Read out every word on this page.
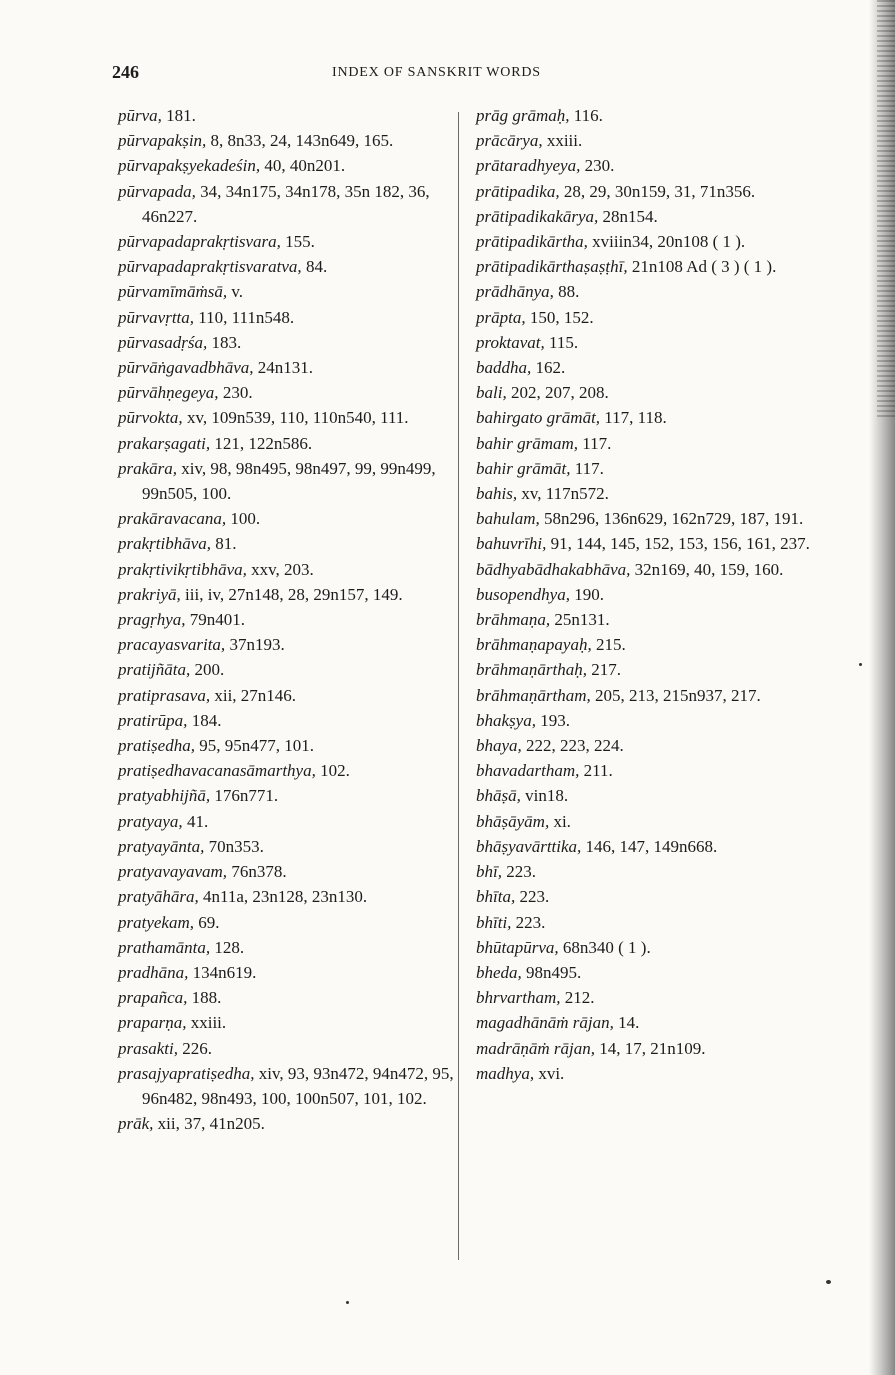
246	INDEX OF SANSKRIT WORDS
pūrva, 181.
pūrvapakṣin, 8, 8n33, 24, 143n649, 165.
pūrvapakṣyekadeśin, 40, 40n201.
pūrvapada, 34, 34n175, 34n178, 35n 182, 36, 46n227.
pūrvapadaprakṛtisvara, 155.
pūrvapadaprakṛtisvaratva, 84.
pūrvamīmāṁsā, v.
pūrvavṛtta, 110, 111n548.
pūrvasadṛśa, 183.
pūrvāṅgavadbhāva, 24n131.
pūrvāhṇegeya, 230.
pūrvokta, xv, 109n539, 110, 110n540, 111.
prakarṣagati, 121, 122n586.
prakāra, xiv, 98, 98n495, 98n497, 99, 99n499, 99n505, 100.
prakāravacana, 100.
prakṛtibhāva, 81.
prakṛtivikṛtibhāva, xxv, 203.
prakriyā, iii, iv, 27n148, 28, 29n157, 149.
pragṛhya, 79n401.
pracayasvarita, 37n193.
pratijñāta, 200.
pratiprasava, xii, 27n146.
pratirūpa, 184.
pratiṣedha, 95, 95n477, 101.
pratiṣedhavacanasāmarthya, 102.
pratyabhijñā, 176n771.
pratyaya, 41.
pratyayānta, 70n353.
pratyavayavam, 76n378.
pratyāhāra, 4n11a, 23n128, 23n130.
pratyekam, 69.
prathamānta, 128.
pradhāna, 134n619.
prapañca, 188.
praparṇa, xxiii.
prasakti, 226.
prasajyapratiṣedha, xiv, 93, 93n472, 94n472, 95, 96n482, 98n493, 100, 100n507, 101, 102.
prāk, xii, 37, 41n205.
prāg grāmaḥ, 116.
prācārya, xxiii.
prātaradhyeya, 230.
prātipadika, 28, 29, 30n159, 31, 71n356.
prātipadikakārya, 28n154.
prātipadikārtha, xviiin34, 20n108 ( 1 ).
prātipadikārthaṣaṣṭhī, 21n108 Ad ( 3 ) ( 1 ).
prādhānya, 88.
prāpta, 150, 152.
proktavat, 115.
baddha, 162.
bali, 202, 207, 208.
bahirgato grāmāt, 117, 118.
bahir grāmam, 117.
bahir grāmāt, 117.
bahis, xv, 117n572.
bahulam, 58n296, 136n629, 162n729, 187, 191.
bahuvrīhi, 91, 144, 145, 152, 153, 156, 161, 237.
bādhyabādhakabhāva, 32n169, 40, 159, 160.
busopendhya, 190.
brāhmaṇa, 25n131.
brāhmaṇapayaḥ, 215.
brāhmaṇārthaḥ, 217.
brāhmaṇārtham, 205, 213, 215n937, 217.
bhakṣya, 193.
bhaya, 222, 223, 224.
bhavadartham, 211.
bhāṣā, vin18.
bhāṣāyām, xi.
bhāṣyavārttika, 146, 147, 149n668.
bhī, 223.
bhīta, 223.
bhīti, 223.
bhūtapūrva, 68n340 ( 1 ).
bheda, 98n495.
bhrvartham, 212.
magadhānāṁ rājan, 14.
madrāṇāṁ rājan, 14, 17, 21n109.
madhya, xvi.
